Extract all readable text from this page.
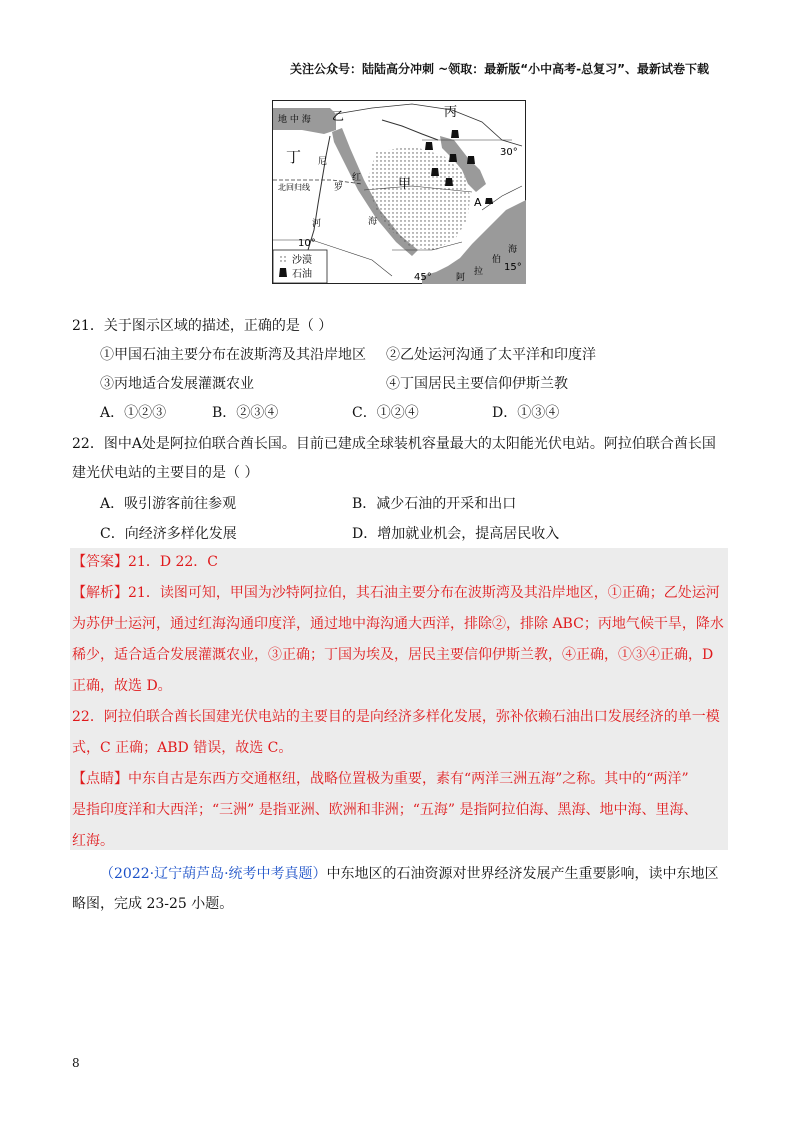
关注公众号：陆陆高分冲刺 ~领取：最新版“小中高考-总复习”、最新试卷下载
地 中 海 乙	丙
30°
丁 尼
北回归线	罗
红	甲
河	海
A
10°
海
伯
拉
阿
45°
15°
沙漠
石油
21．关于图示区域的描述，正确的是（ ）
①甲国石油主要分布在波斯湾及其沿岸地区 ②乙处运河沟通了太平洋和印度洋
③丙地适合发展灌溉农业	④丁国居民主要信仰伊斯兰教
A．①②③	B．②③④	C．①②④	D．①③④
22．图中A处是阿拉伯联合酋长国。目前已建成全球装机容量最大的太阳能光伏电站。阿拉伯联合酋长国
建光伏电站的主要目的是（ ）
A．吸引游客前往参观	B．减少石油的开采和出口
C．向经济多样化发展	D．增加就业机会，提高居民收入
【答案】21．D 22．C
【解析】21．读图可知，甲国为沙特阿拉伯，其石油主要分布在波斯湾及其沿岸地区，①正确；乙处运河
为苏伊士运河，通过红海沟通印度洋，通过地中海沟通大西洋，排除②，排除 ABC；丙地气候干旱，降水
稀少，适合适合发展灌溉农业，③正确；丁国为埃及，居民主要信仰伊斯兰教，④正确，①③④正确，D
正确，故选 D。
22．阿拉伯联合酋长国建光伏电站的主要目的是向经济多样化发展，弥补依赖石油出口发展经济的单一模
式，C 正确；ABD 错误，故选 C。
【点睛】中东自古是东西方交通枢纽，战略位置极为重要，素有“两洋三洲五海”之称。其中的“两洋”
是指印度洋和大西洋；“三洲” 是指亚洲、欧洲和非洲；“五海” 是指阿拉伯海、黑海、地中海、里海、
红海。
（2022·辽宁葫芦岛·统考中考真题）中东地区的石油资源对世界经济发展产生重要影响，读中东地区
略图，完成 23-25 小题。
8
